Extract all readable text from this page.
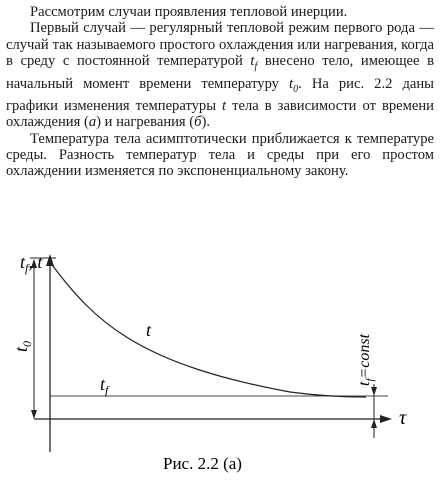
Рассмотрим случаи проявления тепловой инерции.

Первый случай — регулярный тепловой режим первого рода — случай так называемого простого охлаждения или нагревания, когда в среду с постоянной температурой $t_f$ внесено тело, имеющее в начальный момент времени температуру $t_0$. На рис. 2.2 даны графики изменения температуры t тела в зависимости от времени охлаждения (а) и нагревания (б).

Температура тела асимптотически приближается к температуре среды. Разность температур тела и среды при его простом охлаждении изменяется по экспоненциальному закону.

$t_f$, t
t
$t_f$
τ
$t_0$
$t_f=const$
Рис. 2.2 (а)
